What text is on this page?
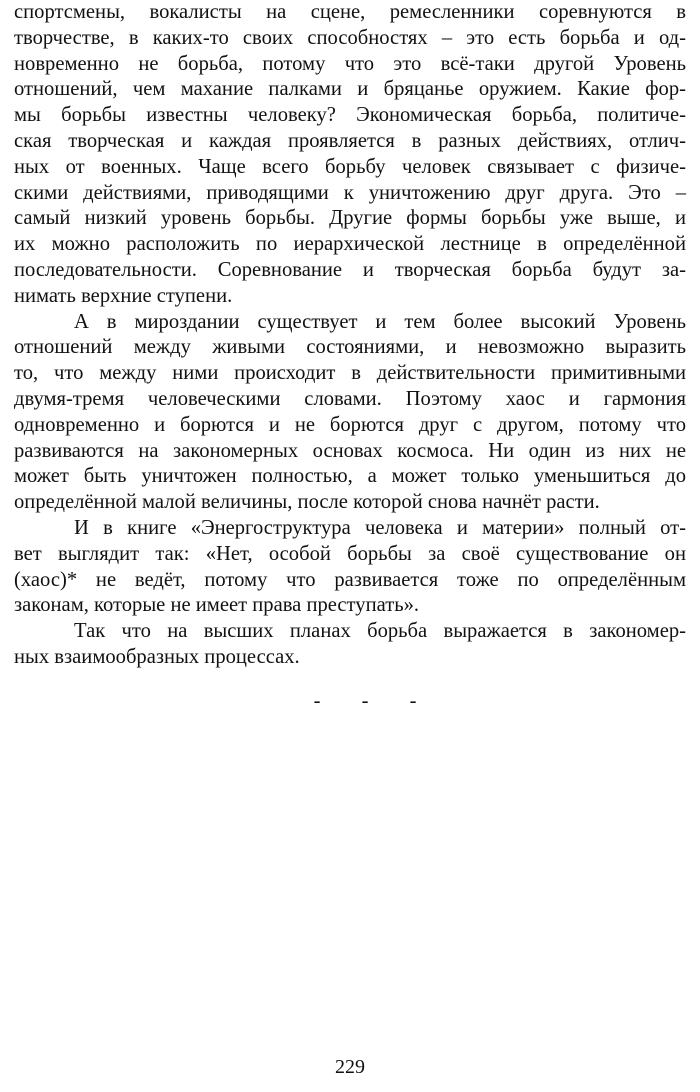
спортсмены, вокалисты на сцене, ремесленники соревнуются в
творчестве, в каких-то своих способностях – это есть борьба и од-
новременно не борьба, потому что это всё-таки другой Уровень
отношений, чем махание палками и бряцанье оружием. Какие фор-
мы борьбы известны человеку? Экономическая борьба, политиче-
ская творческая и каждая проявляется в разных действиях, отлич-
ных от военных. Чаще всего борьбу человек связывает с физиче-
скими действиями, приводящими к уничтожению друг друга. Это –
самый низкий уровень борьбы. Другие формы борьбы уже выше, и
их можно расположить по иерархической лестнице в определённой
последовательности. Соревнование и творческая борьба будут за-
нимать верхние ступени.
А в мироздании существует и тем более высокий Уровень
отношений между живыми состояниями, и невозможно выразить
то, что между ними происходит в действительности примитивными
двумя-тремя человеческими словами. Поэтому хаос и гармония
одновременно и борются и не борются друг с другом, потому что
развиваются на закономерных основах космоса. Ни один из них не
может быть уничтожен полностью, а может только уменьшиться до
определённой малой величины, после которой снова начнёт расти.
И в книге «Энергоструктура человека и материи» полный от-
вет выглядит так: «Нет, особой борьбы за своё существование он
(хаос)* не ведёт, потому что развивается тоже по определённым
законам, которые не имеет права преступать».
Так что на высших планах борьба выражается в закономер-
ных взаимообразных процессах.
- - -
229
